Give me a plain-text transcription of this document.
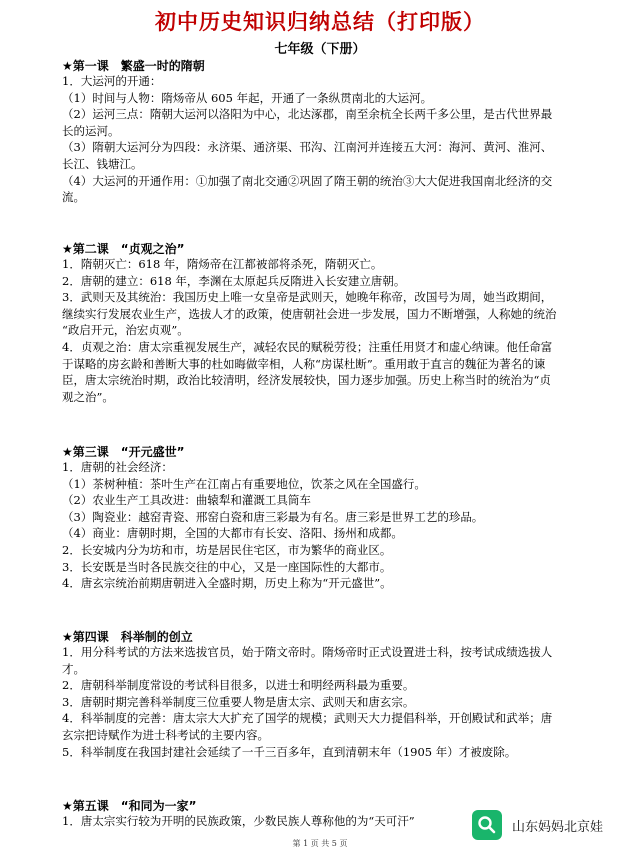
初中历史知识归纳总结（打印版）
七年级（下册）
★第一课　繁盛一时的隋朝
1．大运河的开通：
（1）时间与人物：隋炀帝从 605 年起，开通了一条纵贯南北的大运河。
（2）运河三点：隋朝大运河以洛阳为中心，北达涿郡，南至余杭全长两千多公里，是古代世界最
长的运河。
（3）隋朝大运河分为四段：永济渠、通济渠、邗沟、江南河并连接五大河：海河、黄河、淮河、
长江、钱塘江。
（4）大运河的开通作用：①加强了南北交通②巩固了隋王朝的统治③大大促进我国南北经济的交
流。
★第二课　“贞观之治”
1．隋朝灭亡：618 年，隋炀帝在江都被部将杀死，隋朝灭亡。
2．唐朝的建立：618 年，李渊在太原起兵反隋进入长安建立唐朝。
3．武则天及其统治：我国历史上唯一女皇帝是武则天，她晚年称帝，改国号为周，她当政期间，
继续实行发展农业生产，选拔人才的政策，使唐朝社会进一步发展，国力不断增强，人称她的统治
“政启开元，治宏贞观”。
4．贞观之治：唐太宗重视发展生产，减轻农民的赋税劳役；注重任用贤才和虚心纳谏。他任命富
于谋略的房玄龄和善断大事的杜如晦做宰相，人称“房谋杜断”。重用敢于直言的魏征为著名的谏
臣，唐太宗统治时期，政治比较清明，经济发展较快，国力逐步加强。历史上称当时的统治为“贞
观之治”。
★第三课　“开元盛世”
1．唐朝的社会经济：
（1）茶树种植：茶叶生产在江南占有重要地位，饮茶之风在全国盛行。
（2）农业生产工具改进：曲辕犁和灌溉工具筒车
（3）陶瓷业：越窑青瓷、邢窑白瓷和唐三彩最为有名。唐三彩是世界工艺的珍品。
（4）商业：唐朝时期，全国的大都市有长安、洛阳、扬州和成都。
2．长安城内分为坊和市，坊是居民住宅区，市为繁华的商业区。
3．长安既是当时各民族交往的中心，又是一座国际性的大都市。
4．唐玄宗统治前期唐朝进入全盛时期，历史上称为“开元盛世”。
★第四课　科举制的创立
1．用分科考试的方法来选拔官员，始于隋文帝时。隋炀帝时正式设置进士科，按考试成绩选拔人
才。
2．唐朝科举制度常设的考试科目很多，以进士和明经两科最为重要。
3．唐朝时期完善科举制度三位重要人物是唐太宗、武则天和唐玄宗。
4．科举制度的完善：唐太宗大大扩充了国学的规模；武则天大力提倡科举，开创殿试和武举；唐
玄宗把诗赋作为进士科考试的主要内容。
5．科举制度在我国封建社会延续了一千三百多年，直到清朝末年（1905 年）才被废除。
★第五课　“和同为一家”
1．唐太宗实行较为开明的民族政策，少数民族人尊称他的为“天可汗”
第 1 页 共 5 页
山东妈妈北京娃
